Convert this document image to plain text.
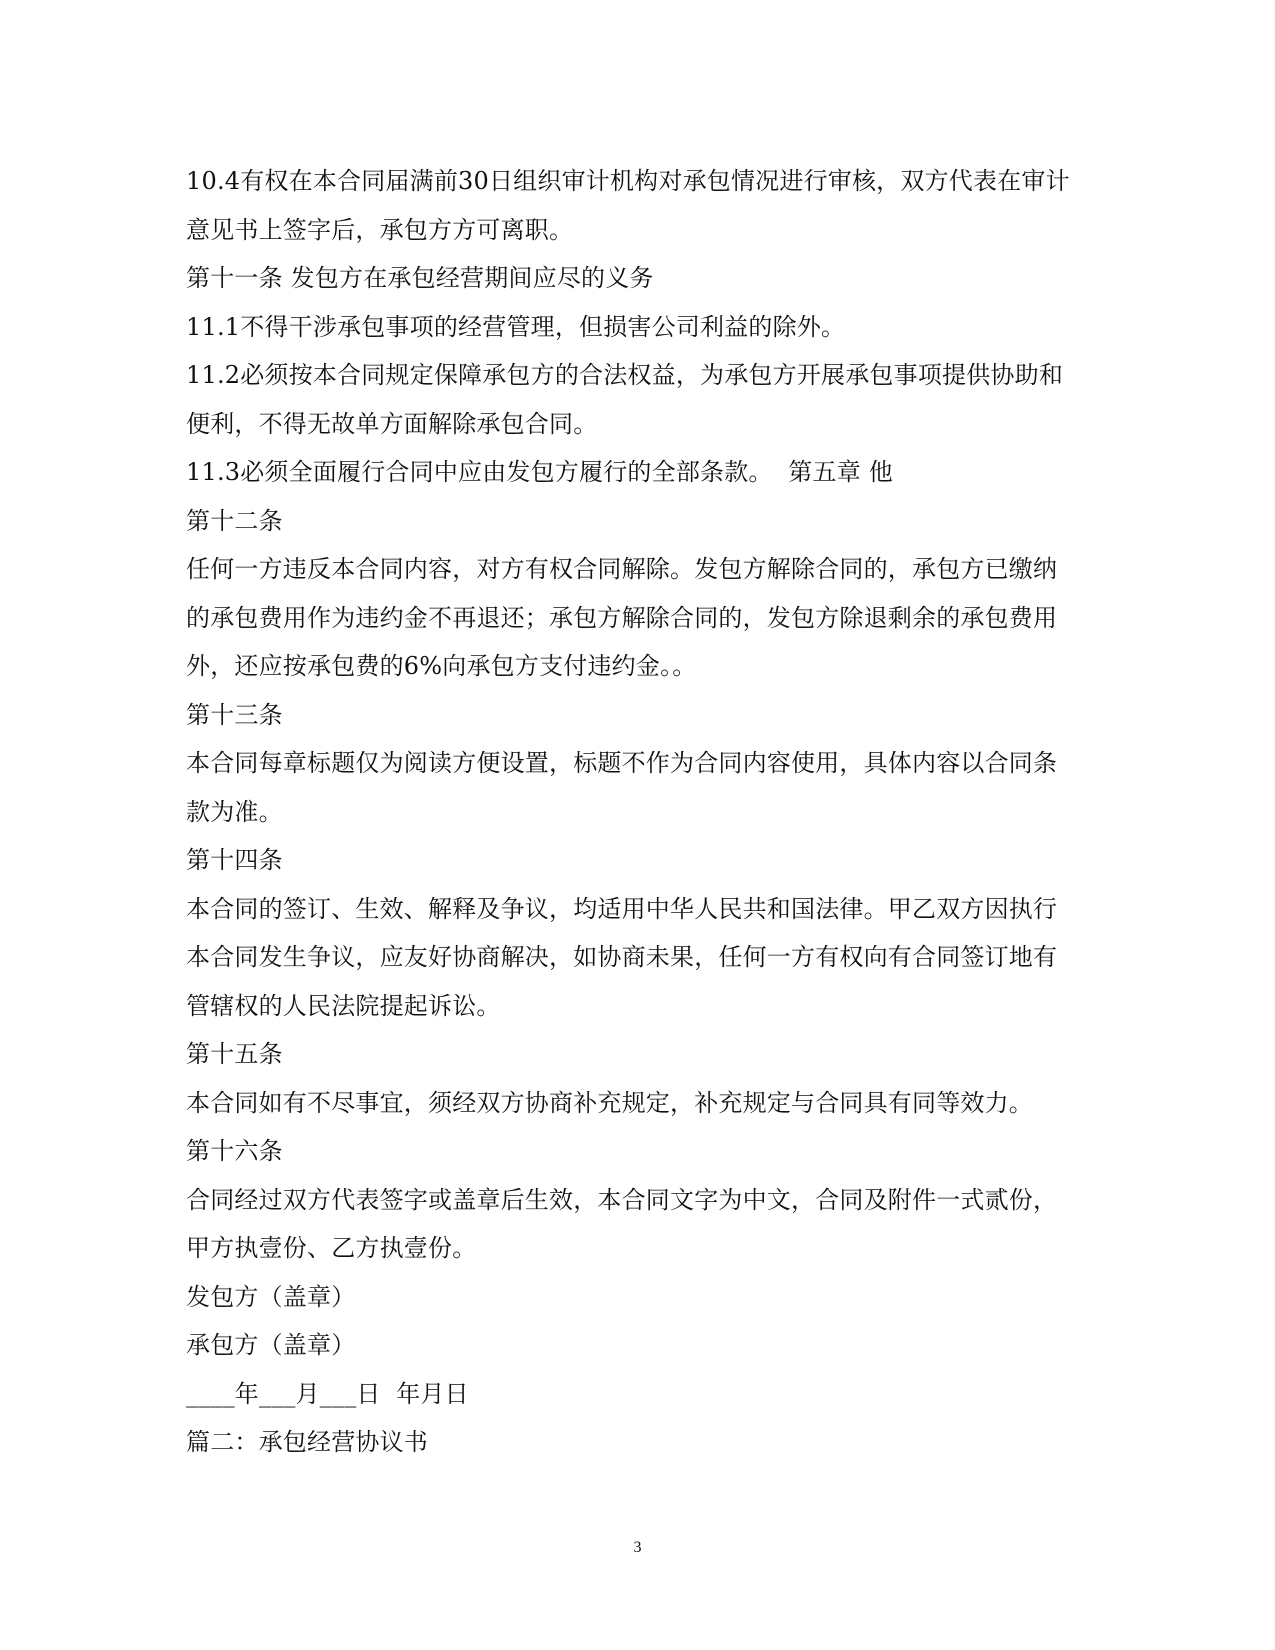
10.4有权在本合同届满前30日组织审计机构对承包情况进行审核，双方代表在审计
意见书上签字后，承包方方可离职。
第十一条 发包方在承包经营期间应尽的义务
11.1不得干涉承包事项的经营管理，但损害公司利益的除外。
11.2必须按本合同规定保障承包方的合法权益，为承包方开展承包事项提供协助和
便利，不得无故单方面解除承包合同。
11.3必须全面履行合同中应由发包方履行的全部条款。  第五章 他
第十二条
任何一方违反本合同内容，对方有权合同解除。发包方解除合同的，承包方已缴纳
的承包费用作为违约金不再退还；承包方解除合同的，发包方除退剩余的承包费用
外，还应按承包费的6%向承包方支付违约金。。
第十三条
本合同每章标题仅为阅读方便设置，标题不作为合同内容使用，具体内容以合同条
款为准。
第十四条
本合同的签订、生效、解释及争议，均适用中华人民共和国法律。甲乙双方因执行
本合同发生争议，应友好协商解决，如协商未果，任何一方有权向有合同签订地有
管辖权的人民法院提起诉讼。
第十五条
本合同如有不尽事宜，须经双方协商补充规定，补充规定与合同具有同等效力。
第十六条
合同经过双方代表签字或盖章后生效，本合同文字为中文，合同及附件一式贰份，
甲方执壹份、乙方执壹份。
发包方（盖章）
承包方（盖章）
____年___月___日  年月日
篇二：承包经营协议书
3
